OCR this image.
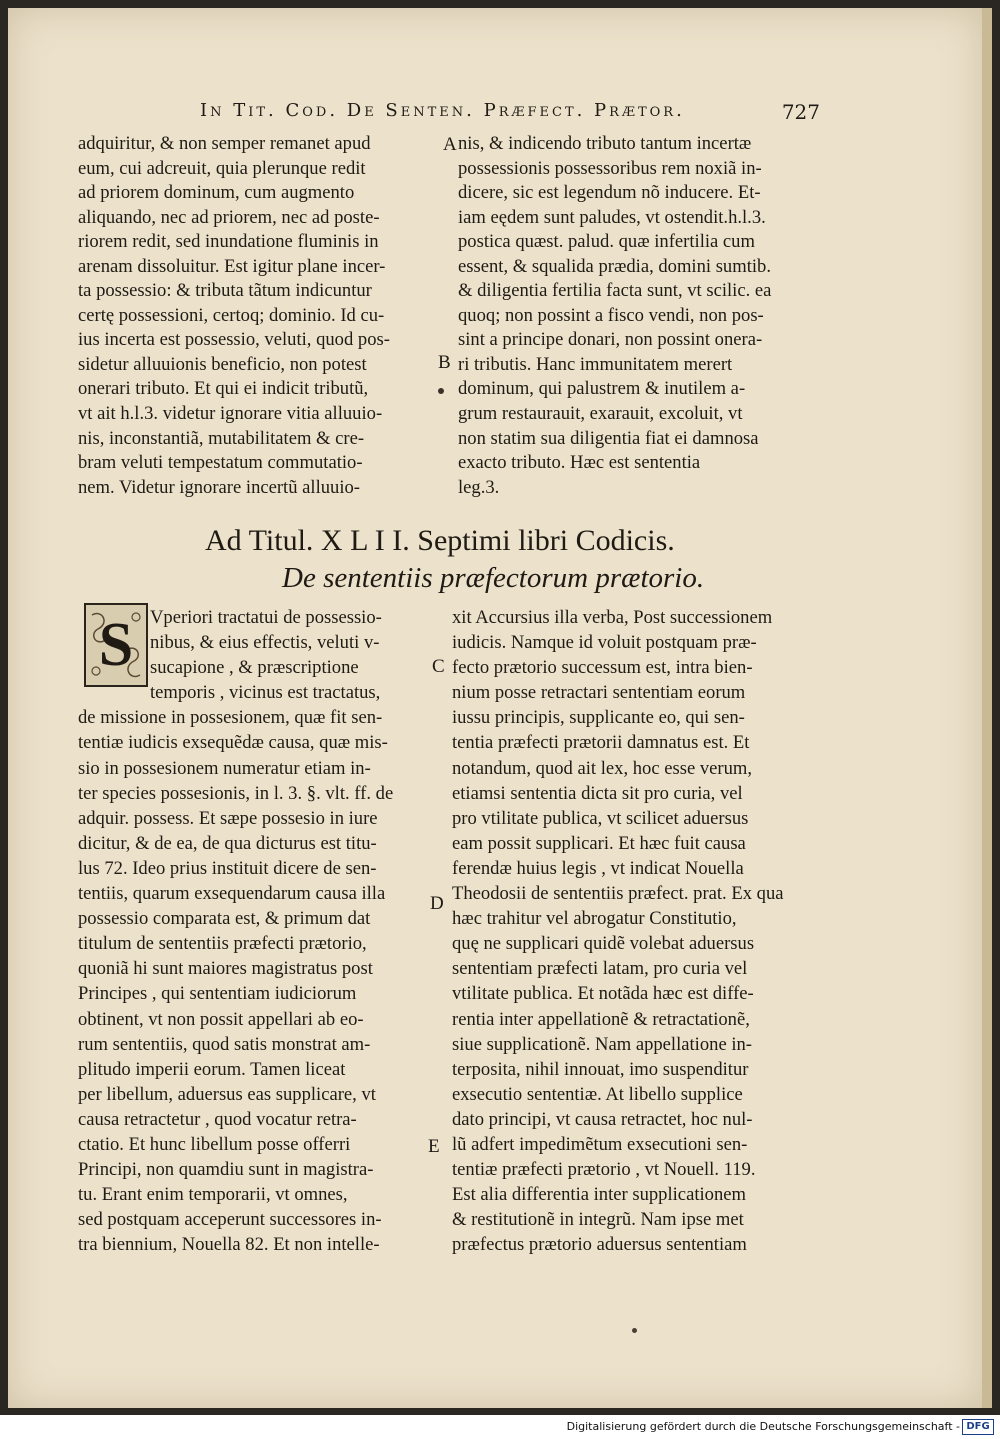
In Tit. Cod. De Senten. Præfect. Prætor.	727
adquiritur, & non semper remanet apud
eum, cui adcreuit, quia plerunque redit
ad priorem dominum, cum augmento
aliquando, nec ad priorem, nec ad poste-
riorem redit, sed inundatione fluminis in
arenam dissoluitur. Est igitur plane incer-
ta possessio: & tributa tãtum indicuntur
certę possessioni, certoq; dominio. Id cu-
ius incerta est possessio, veluti, quod pos-
sidetur alluuionis beneficio, non potest
onerari tributo. Et qui ei indicit tributũ,
vt ait h.l.3. videtur ignorare vitia alluuio-
nis, inconstantiã, mutabilitatem & cre-
bram veluti tempestatum commutatio-
nem. Videtur ignorare incertũ alluuio-
nis, & indicendo tributo tantum incertæ
possessionis possessoribus rem noxiã in-
dicere, sic est legendum nõ inducere. Et-
iam eędem sunt paludes, vt ostendit.h.l.3.
postica quæst. palud. quæ infertilia cum
essent, & squalida prædia, domini sumtib.
& diligentia fertilia facta sunt, vt scilic. ea
quoq; non possint a fisco vendi, non pos-
sint a principe donari, non possint onera-
ri tributis. Hanc immunitatem merert
dominum, qui palustrem & inutilem a-
grum restaurauit, exarauit, excoluit, vt
non statim sua diligentia fiat ei damnosa
exacto tributo. Hæc est sententia
leg.3.
A
B
C
D
E
Ad Titul. X L I I. Septimi libri Codicis.
De sententiis præfectorum prætorio.
S Vperiori tractatui de possessio-
nibus, & eius effectis, veluti v-
sucapione , & præscriptione
temporis , vicinus est tractatus,
de missione in possesionem, quæ fit sen-
tentiæ iudicis exsequẽdæ causa, quæ mis-
sio in possesionem numeratur etiam in-
ter species possesionis, in l. 3. §. vlt. ff. de
adquir. possess. Et sæpe possesio in iure
dicitur, & de ea, de qua dicturus est titu-
lus 72. Ideo prius instituit dicere de sen-
tentiis, quarum exsequendarum causa illa
possessio comparata est, & primum dat
titulum de sententiis præfecti prætorio,
quoniã hi sunt maiores magistratus post
Principes , qui sententiam iudiciorum
obtinent, vt non possit appellari ab eo-
rum sententiis, quod satis monstrat am-
plitudo imperii eorum. Tamen liceat
per libellum, aduersus eas supplicare, vt
causa retractetur , quod vocatur retra-
ctatio. Et hunc libellum posse offerri
Principi, non quamdiu sunt in magistra-
tu. Erant enim temporarii, vt omnes,
sed postquam acceperunt successores in-
tra biennium, Nouella 82. Et non intelle-
xit Accursius illa verba, Post successionem
iudicis. Namque id voluit postquam præ-
fecto prætorio successum est, intra bien-
nium posse retractari sententiam eorum
iussu principis, supplicante eo, qui sen-
tentia præfecti prætorii damnatus est. Et
notandum, quod ait lex, hoc esse verum,
etiamsi sententia dicta sit pro curia, vel
pro vtilitate publica, vt scilicet aduersus
eam possit supplicari. Et hæc fuit causa
ferendæ huius legis , vt indicat Nouella
Theodosii de sententiis præfect. prat. Ex qua
hæc trahitur vel abrogatur Constitutio,
quę ne supplicari quidẽ volebat aduersus
sententiam præfecti latam, pro curia vel
vtilitate publica. Et notãda hæc est diffe-
rentia inter appellationẽ & retractationẽ,
siue supplicationẽ. Nam appellatione in-
terposita, nihil innouat, imo suspenditur
exsecutio sententiæ. At libello supplice
dato principi, vt causa retractet, hoc nul-
lũ adfert impedimẽtum exsecutioni sen-
tentiæ præfecti prætorio , vt Nouell. 119.
Est alia differentia inter supplicationem
& restitutionẽ in integrũ. Nam ipse met
præfectus prætorio aduersus sententiam
Digitalisierung gefördert durch die Deutsche Forschungsgemeinschaft - DFG
